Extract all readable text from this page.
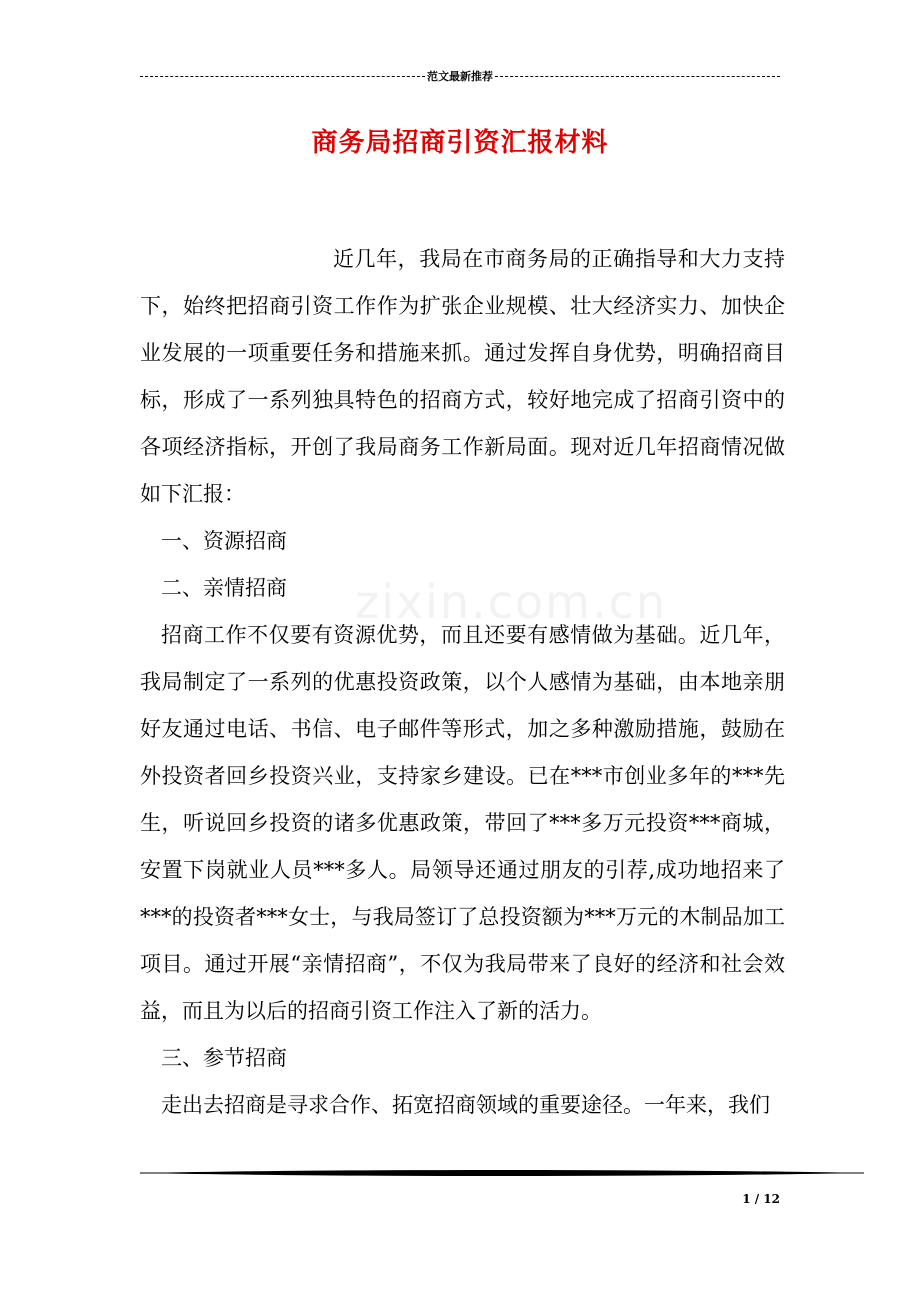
范文最新推荐
商务局招商引资汇报材料
zixin.com.cn

近几年，我局在市商务局的正确指导和大力支持下，始终把招商引资工作作为扩张企业规模、壮大经济实力、加快企业发展的一项重要任务和措施来抓。通过发挥自身优势，明确招商目标，形成了一系列独具特色的招商方式，较好地完成了招商引资中的各项经济指标，开创了我局商务工作新局面。现对近几年招商情况做如下汇报：

一、资源招商

二、亲情招商

招商工作不仅要有资源优势，而且还要有感情做为基础。近几年，我局制定了一系列的优惠投资政策，以个人感情为基础，由本地亲朋好友通过电话、书信、电子邮件等形式，加之多种激励措施，鼓励在外投资者回乡投资兴业，支持家乡建设。已在***市创业多年的***先生，听说回乡投资的诸多优惠政策，带回了***多万元投资***商城，安置下岗就业人员***多人。局领导还通过朋友的引荐,成功地招来了***的投资者***女士，与我局签订了总投资额为***万元的木制品加工项目。通过开展“亲情招商”，不仅为我局带来了良好的经济和社会效益，而且为以后的招商引资工作注入了新的活力。

三、参节招商

走出去招商是寻求合作、拓宽招商领域的重要途径。一年来，我们

1 / 12
